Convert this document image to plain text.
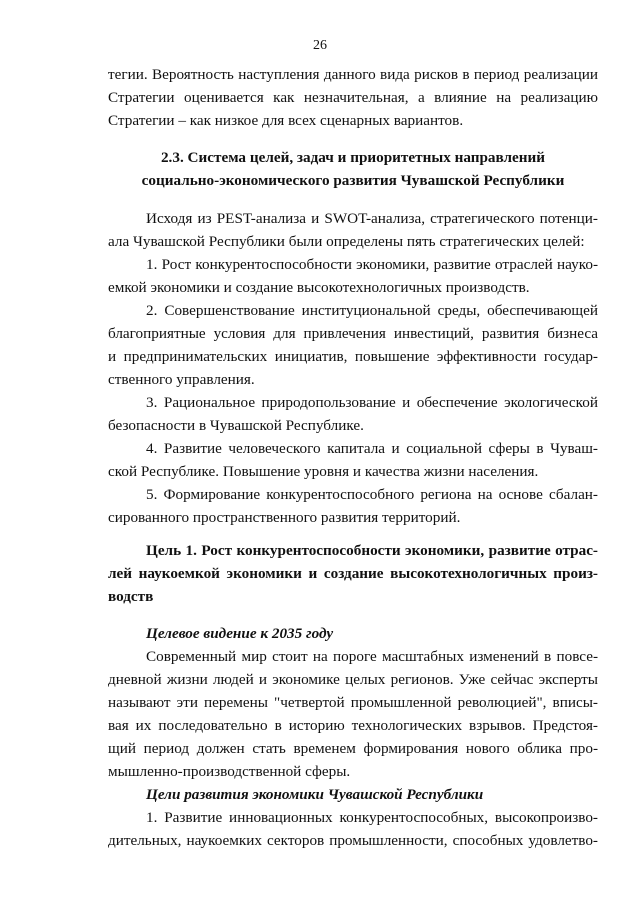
26
тегии. Вероятность наступления данного вида рисков в период реализации
Стратегии оценивается как незначительная, а влияние на реализацию
Стратегии – как низкое для всех сценарных вариантов.
2.3. Система целей, задач и приоритетных направлений
социально-экономического развития Чувашской Республики
Исходя из PEST-анализа и SWOT-анализа, стратегического потенци-
ала Чувашской Республики были определены пять стратегических целей:
1. Рост конкурентоспособности экономики, развитие отраслей науко-
емкой экономики и создание высокотехнологичных производств.
2. Совершенствование институциональной среды, обеспечивающей
благоприятные условия для привлечения инвестиций, развития бизнеса
и предпринимательских инициатив, повышение эффективности государ-
ственного управления.
3. Рациональное природопользование и обеспечение экологической
безопасности в Чувашской Республике.
4. Развитие человеческого капитала и социальной сферы в Чуваш-
ской Республике. Повышение уровня и качества жизни населения.
5. Формирование конкурентоспособного региона на основе сбалан-
сированного пространственного развития территорий.
Цель 1. Рост конкурентоспособности экономики, развитие отрас-
лей наукоемкой экономики и создание высокотехнологичных произ-
водств
Целевое видение к 2035 году
Современный мир стоит на пороге масштабных изменений в повсе-
дневной жизни людей и экономике целых регионов. Уже сейчас эксперты
называют эти перемены "четвертой промышленной революцией", вписы-
вая их последовательно в историю технологических взрывов. Предстоя-
щий период должен стать временем формирования нового облика про-
мышленно-производственной сферы.
Цели развития экономики Чувашской Республики
1. Развитие инновационных конкурентоспособных, высокопроизво-
дительных, наукоемких секторов промышленности, способных удовлетво-
